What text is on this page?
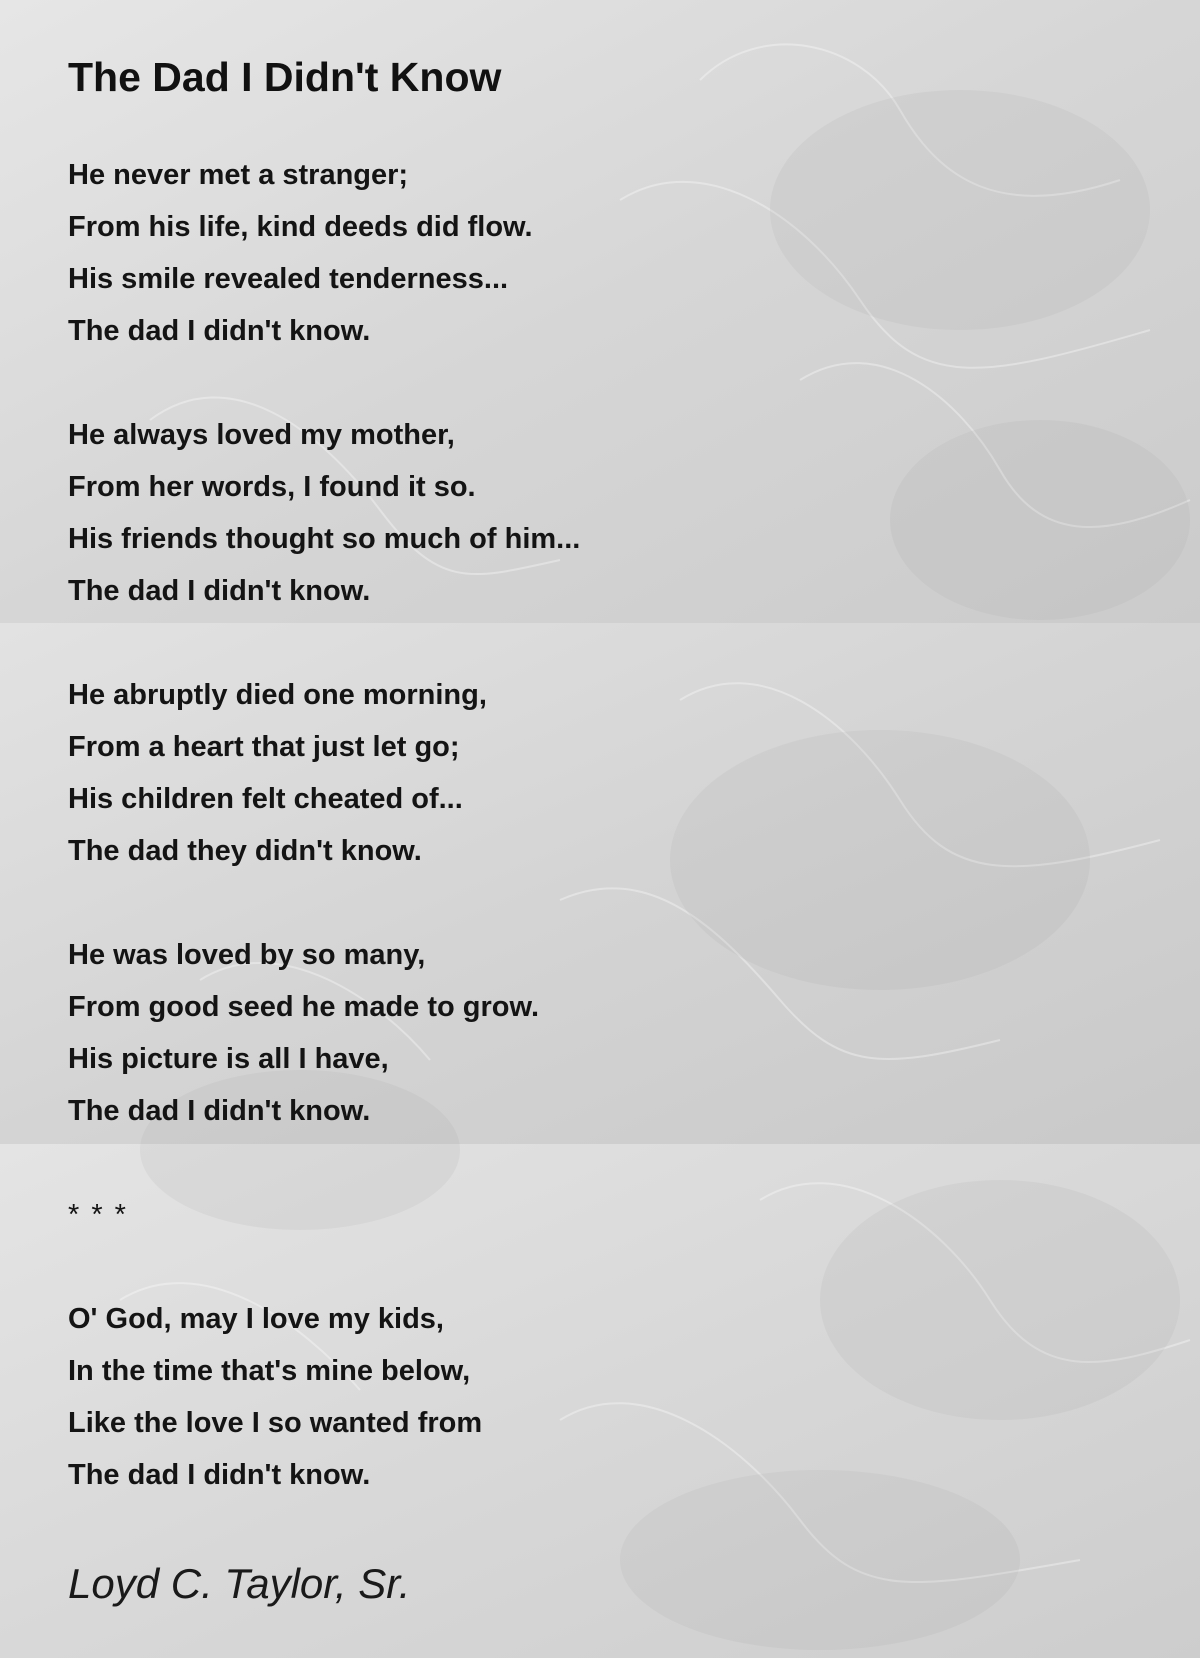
The Dad I Didn't Know
He never met a stranger;
From his life, kind deeds did flow.
His smile revealed tenderness...
The dad I didn't know.
He always loved my mother,
From her words, I found it so.
His friends thought so much of him...
The dad I didn't know.
He abruptly died one morning,
From a heart that just let go;
His children felt cheated of...
The dad they didn't know.
He was loved by so many,
From good seed he made to grow.
His picture is all I have,
The dad I didn't know.
* * *
O' God, may I love my kids,
In the time that's mine below,
Like the love I so wanted from
The dad I didn't know.
Loyd C. Taylor, Sr.
